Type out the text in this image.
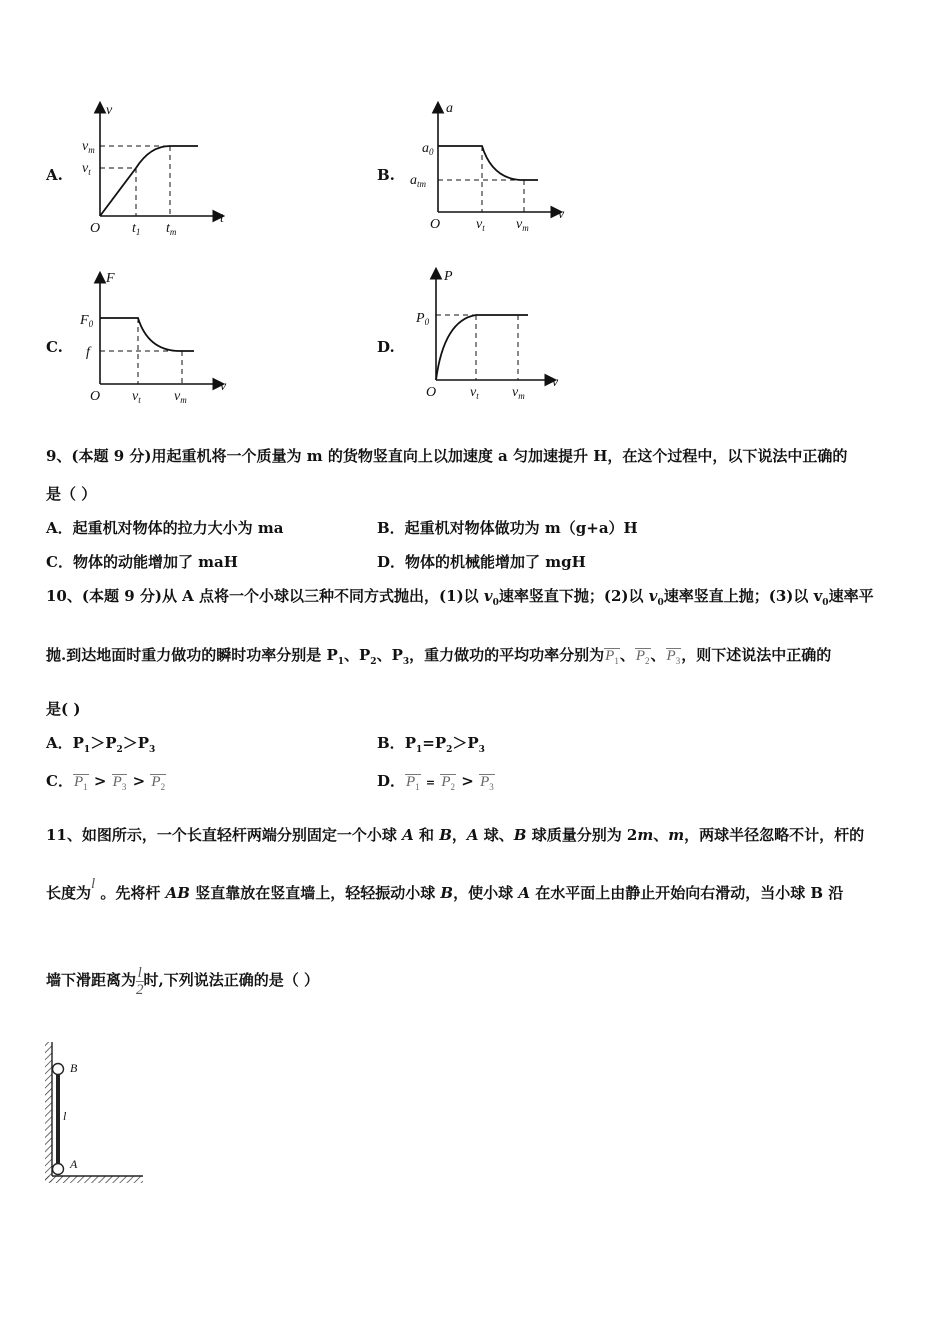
A.
v
t
$v_m$
$v_t$
O $t_1$ $t_m$
B.
a
v
$a_0$
$a_{tm}$
O	$v_t$ $v_m$
C.
F
v
$F_0$
f
O $v_t$ $v_m$
D.
P
v
$P_0$
O $v_t$ $v_m$
9、(本题 9 分)用起重机将一个质量为 m 的货物竖直向上以加速度 a 匀加速提升 H，在这个过程中，以下说法中正确的
是（ ）
A．起重机对物体的拉力大小为 ma	B．起重机对物体做功为 m（g+a）H
C．物体的动能增加了 maH	D．物体的机械能增加了 mgH
10、(本题 9 分)从 A 点将一个小球以三种不同方式抛出，(1)以 $v_0$速率竖直下抛；(2)以 $v_0$速率竖直上抛；(3)以 $v_0$速率平
抛.到达地面时重力做功的瞬时功率分别是 $P_1$、$P_2$、$P_3$，重力做功的平均功率分别为$P_1$、$P_2$、$P_3$，则下述说法中正确的
是( )
A．$P_1>P_2>P_3$	B．$P_1=P_2>P_3$
C．$P_1 > P_3 > P_2$	D．$P_1 = P_2 > P_3$
11、如图所示，一个长直轻杆两端分别固定一个小球 A 和 B，A 球、B 球质量分别为 2m、m，两球半径忽略不计，杆的
长度为l 。先将杆 AB 竖直靠放在竖直墙上，轻轻振动小球 B，使小球 A 在水平面上由静止开始向右滑动，当小球 B 沿
墙下滑距离为 $\frac{l}{2}$ 时,下列说法正确的是（ ）
B
A
l
